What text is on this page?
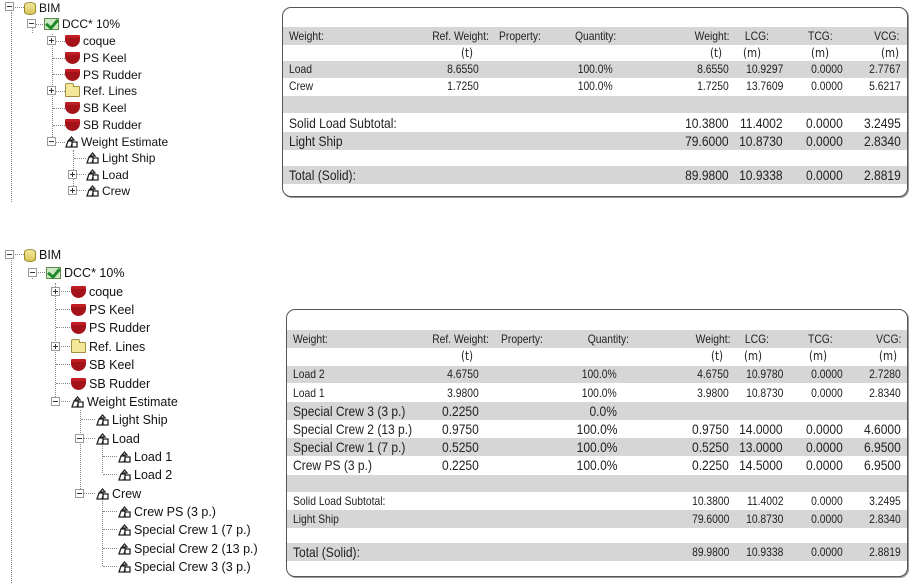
BIM
DCC* 10%
coque
PS Keel
PS Rudder
Ref. Lines
SB Keel
SB Rudder
Weight Estimate
Light Ship
Load
Crew
Weight:	Ref. Weight: Property:	Quantity:	Weight: LCG:	TCG:	VCG:
(t)	(t) (m)	(m)	(m)
Load	8.6550	100.0%	8.6550 10.9297 0.0000 2.7767
Crew	1.7250	100.0%	1.7250 13.7609 0.0000 5.6217
Solid Load Subtotal:	10.3800 11.4002 0.0000 3.2495
Light Ship	79.6000 10.8730 0.0000 2.8340
Total (Solid):	89.9800 10.9338 0.0000 2.8819
BIM
DCC* 10%
coque
PS Keel
PS Rudder
Ref. Lines
SB Keel
SB Rudder
Weight Estimate
Light Ship
Load
Load 1
Load 2
Crew
Crew PS (3 p.)
Special Crew 1 (7 p.)
Special Crew 2 (13 p.)
Special Crew 3 (3 p.)
Weight:	Ref. Weight: Property:	Quantity:	Weight: LCG:	TCG:	VCG:
(t)	(t) (m)	(m)	(m)
Load 2	4.6750	100.0%	4.6750 10.9780 0.0000 2.7280
Load 1	3.9800	100.0%	3.9800 10.8730 0.0000 2.8340
Special Crew 3 (3 p.)	0.2250	0.0%
Special Crew 2 (13 p.) 0.9750	100.0%	0.9750 14.0000 0.0000 4.6000
Special Crew 1 (7 p.)	0.5250	100.0%	0.5250 13.0000 0.0000 6.9500
Crew PS (3 p.)	0.2250	100.0%	0.2250 14.5000 0.0000 6.9500
Solid Load Subtotal:	10.3800 11.4002 0.0000 3.2495
Light Ship	79.6000 10.8730 0.0000 2.8340
Total (Solid):	89.9800 10.9338 0.0000 2.8819
